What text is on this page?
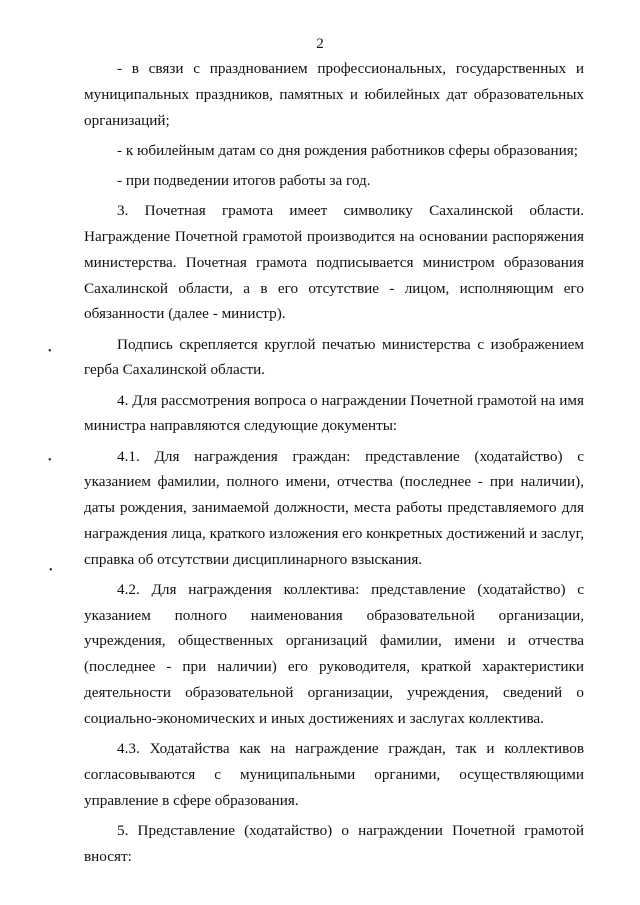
2

- в связи с празднованием профессиональных, государственных и муниципальных праздников, памятных и юбилейных дат образовательных организаций;

- к юбилейным датам со дня рождения работников сферы образования;

- при подведении итогов работы за год.

3. Почетная грамота имеет символику Сахалинской области. Награждение Почетной грамотой производится на основании распоряжения министерства. Почетная грамота подписывается министром образования Сахалинской области, а в его отсутствие - лицом, исполняющим его обязанности (далее - министр).

Подпись скрепляется круглой печатью министерства с изображением герба Сахалинской области.

4. Для рассмотрения вопроса о награждении Почетной грамотой на имя министра направляются следующие документы:

4.1. Для награждения граждан: представление (ходатайство) с указанием фамилии, полного имени, отчества (последнее - при наличии), даты рождения, занимаемой должности, места работы представляемого для награждения лица, краткого изложения его конкретных достижений и заслуг, справка об отсутствии дисциплинарного взыскания.

4.2. Для награждения коллектива: представление (ходатайство) с указанием полного наименования образовательной организации, учреждения, общественных организаций фамилии, имени и отчества (последнее - при наличии) его руководителя, краткой характеристики деятельности образовательной организации, учреждения, сведений о социально-экономических и иных достижениях и заслугах коллектива.

4.3. Ходатайства как на награждение граждан, так и коллективов согласовываются с муниципальными органими, осуществляющими управление в сфере образования.

5. Представление (ходатайство) о награждении Почетной грамотой вносят:

•
•
•
